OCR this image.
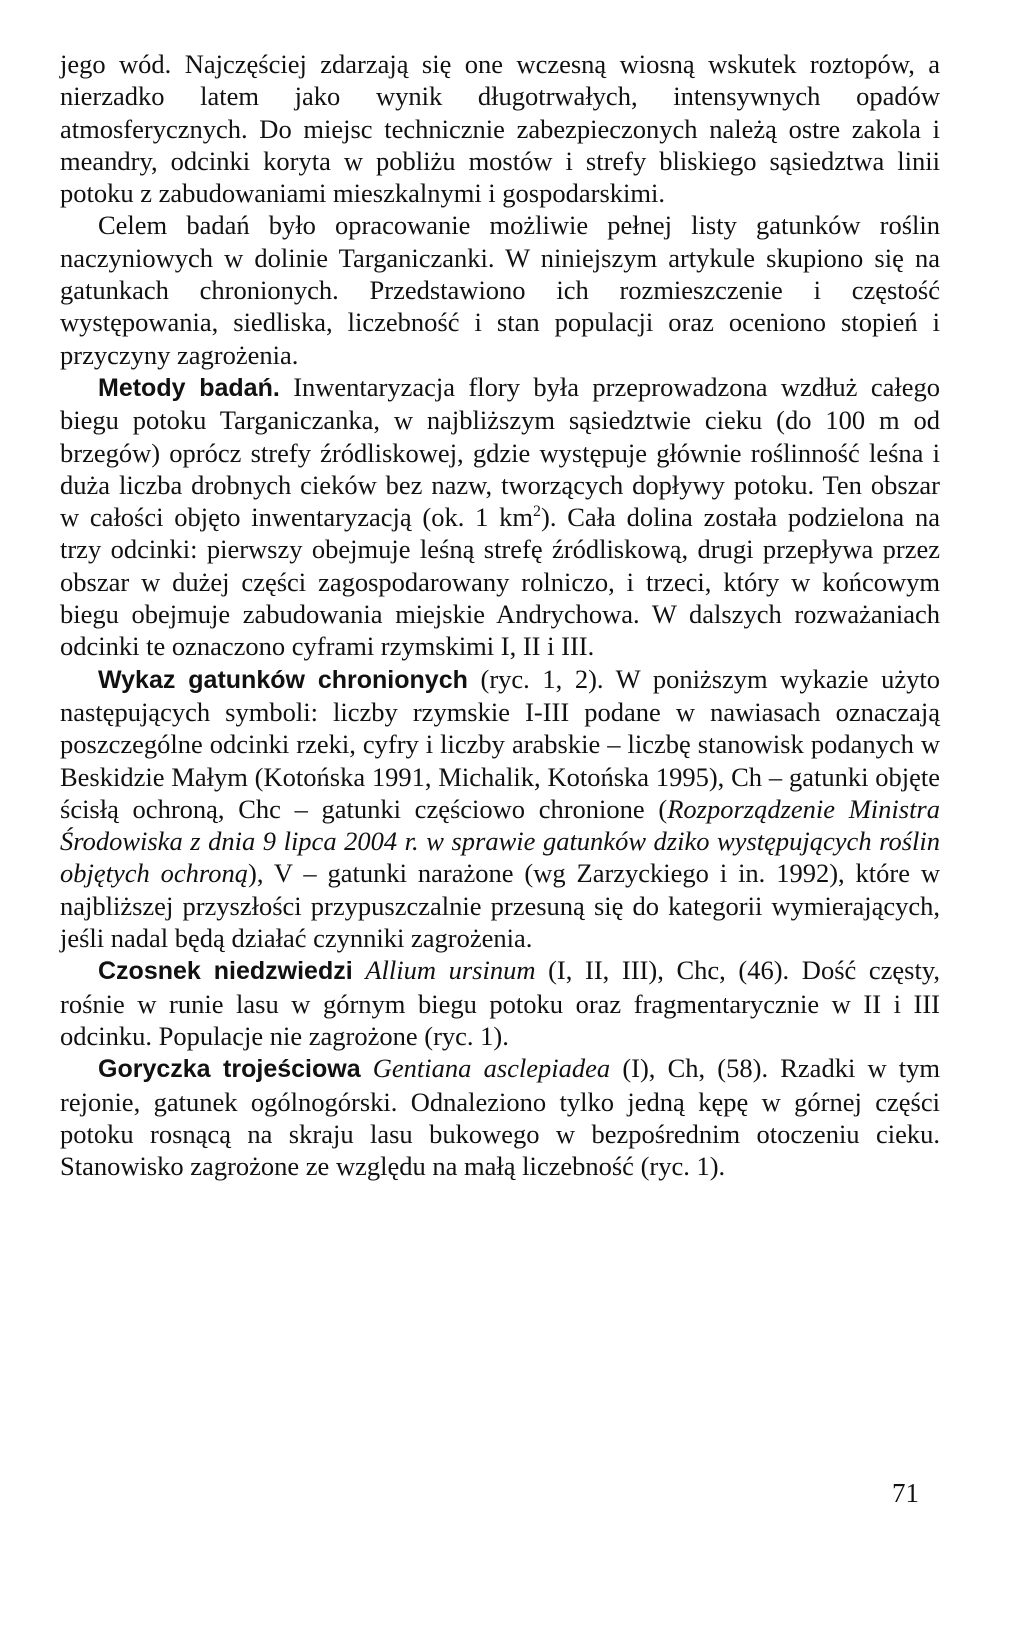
jego wód. Najczęściej zdarzają się one wczesną wiosną wskutek roztopów, a nierzadko latem jako wynik długotrwałych, intensywnych opadów atmosferycznych. Do miejsc technicznie zabezpieczonych należą ostre zakola i meandry, odcinki koryta w pobliżu mostów i strefy bliskiego sąsiedztwa linii potoku z zabudowaniami mieszkalnymi i gospodarskimi.

Celem badań było opracowanie możliwie pełnej listy gatunków roślin naczyniowych w dolinie Targaniczanki. W niniejszym artykule skupiono się na gatunkach chronionych. Przedstawiono ich rozmieszczenie i częstość występowania, siedliska, liczebność i stan populacji oraz oceniono stopień i przyczyny zagrożenia.

Metody badań. Inwentaryzacja flory była przeprowadzona wzdłuż całego biegu potoku Targaniczanka, w najbliższym sąsiedztwie cieku (do 100 m od brzegów) oprócz strefy źródliskowej, gdzie występuje głównie roślinność leśna i duża liczba drobnych cieków bez nazw, tworzących dopływy potoku. Ten obszar w całości objęto inwentaryzacją (ok. 1 $km^2$). Cała dolina została podzielona na trzy odcinki: pierwszy obejmuje leśną strefę źródliskową, drugi przepływa przez obszar w dużej części zagospodarowany rolniczo, i trzeci, który w końcowym biegu obejmuje zabudowania miejskie Andrychowa. W dalszych rozważaniach odcinki te oznaczono cyframi rzymskimi I, II i III.

Wykaz gatunków chronionych (ryc. 1, 2). W poniższym wykazie użyto następujących symboli: liczby rzymskie I-III podane w nawiasach oznaczają poszczególne odcinki rzeki, cyfry i liczby arabskie – liczbę stanowisk podanych w Beskidzie Małym (Kotońska 1991, Michalik, Kotońska 1995), Ch – gatunki objęte ścisłą ochroną, Chc – gatunki częściowo chronione (Rozporządzenie Ministra Środowiska z dnia 9 lipca 2004 r. w sprawie gatunków dziko występujących roślin objętych ochroną), V – gatunki narażone (wg Zarzyckiego i in. 1992), które w najbliższej przyszłości przypuszczalnie przesuną się do kategorii wymierających, jeśli nadal będą działać czynniki zagrożenia.

Czosnek niedzwiedzi Allium ursinum (I, II, III), Chc, (46). Dość częsty, rośnie w runie lasu w górnym biegu potoku oraz fragmentarycznie w II i III odcinku. Populacje nie zagrożone (ryc. 1).

Goryczka trojeściowa Gentiana asclepiadea (I), Ch, (58). Rzadki w tym rejonie, gatunek ogólnogórski. Odnaleziono tylko jedną kępę w górnej części potoku rosnącą na skraju lasu bukowego w bezpośrednim otoczeniu cieku. Stanowisko zagrożone ze względu na małą liczebność (ryc. 1).

71
